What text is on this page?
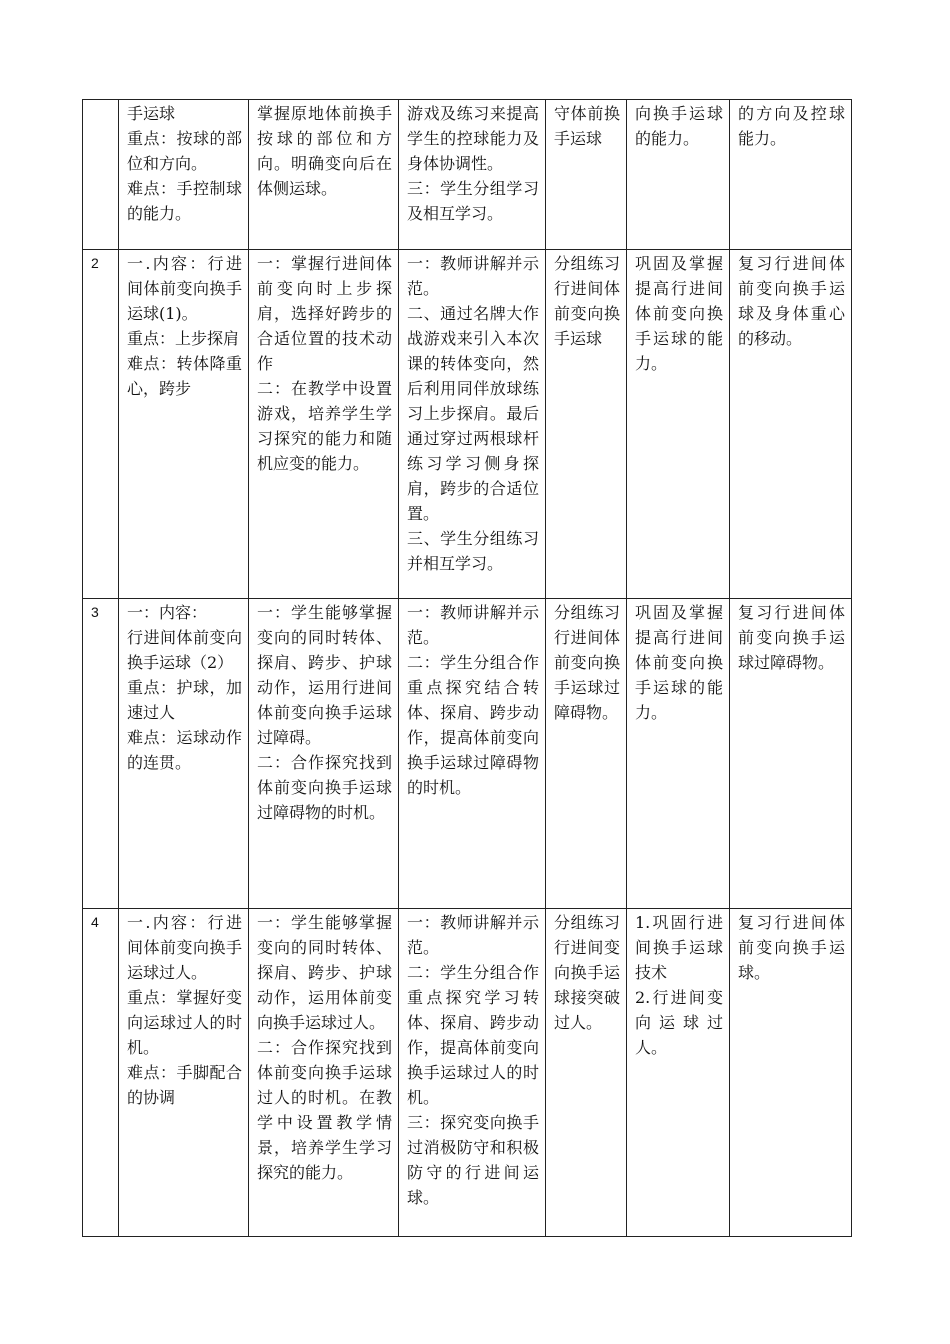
	手运球
重点：按球的部位和方向。
难点：手控制球的能力。	掌握原地体前换手按球的部位和方向。明确变向后在体侧运球。	游戏及练习来提高学生的控球能力及身体协调性。
三：学生分组学习及相互学习。	守体前换手运球	向换手运球的能力。	的方向及控球能力。

2	一.内容：行进间体前变向换手运球(1)。
重点：上步探肩
难点：转体降重心，跨步	一：掌握行进间体前变向时上步探肩，选择好跨步的合适位置的技术动作
二：在教学中设置游戏，培养学生学习探究的能力和随机应变的能力。	一：教师讲解并示范。
二、通过名牌大作战游戏来引入本次课的转体变向，然后利用同伴放球练习上步探肩。最后通过穿过两根球杆练习学习侧身探肩，跨步的合适位置。
三、学生分组练习并相互学习。	分组练习行进间体前变向换手运球	巩固及掌握提高行进间体前变向换手运球的能力。	复习行进间体前变向换手运球及身体重心的移动。

3	一：内容：
行进间体前变向换手运球（2）
重点：护球，加速过人
难点：运球动作的连贯。	一：学生能够掌握变向的同时转体、探肩、跨步、护球动作，运用行进间体前变向换手运球过障碍。
二：合作探究找到体前变向换手运球过障碍物的时机。	一：教师讲解并示范。
二：学生分组合作重点探究结合转体、探肩、跨步动作，提高体前变向换手运球过障碍物的时机。	分组练习行进间体前变向换手运球过障碍物。	巩固及掌握提高行进间体前变向换手运球的能力。	复习行进间体前变向换手运球过障碍物。

4	一.内容：行进间体前变向换手运球过人。
重点：掌握好变向运球过人的时机。
难点：手脚配合的协调	一：学生能够掌握变向的同时转体、探肩、跨步、护球动作，运用体前变向换手运球过人。
二：合作探究找到体前变向换手运球过人的时机。在教学中设置教学情景，培养学生学习探究的能力。	一：教师讲解并示范。
二：学生分组合作重点探究学习转体、探肩、跨步动作，提高体前变向换手运球过人的时机。
三：探究变向换手过消极防守和积极防守的行进间运球。	分组练习行进间变向换手运球接突破过人。	1.巩固行进间换手运球技术
2.行进间变向运球过人。	复习行进间体前变向换手运球。
